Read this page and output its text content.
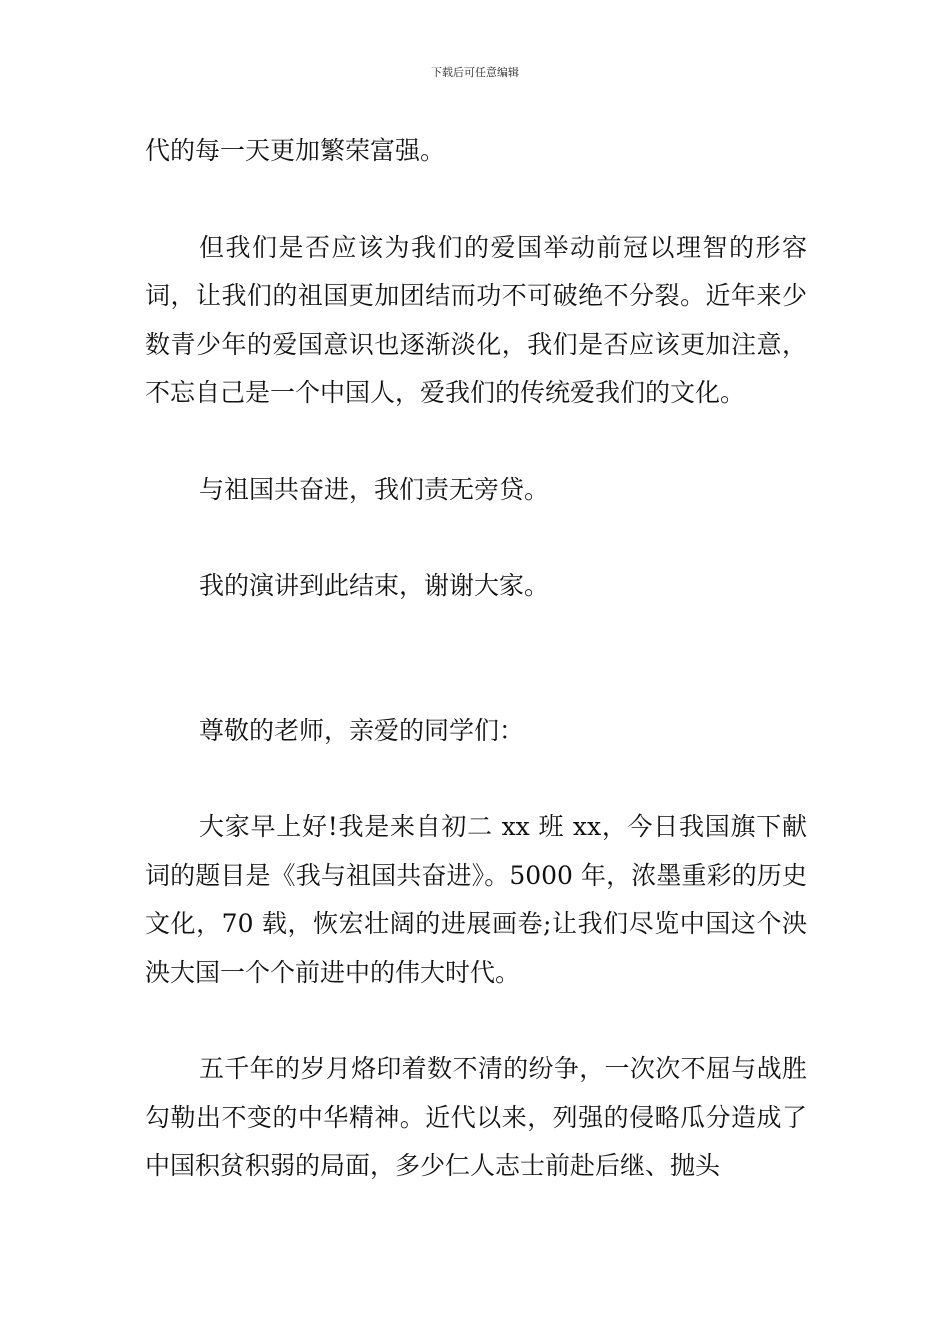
下载后可任意编辑

代的每一天更加繁荣富强。

但我们是否应该为我们的爱国举动前冠以理智的形容词，让我们的祖国更加团结而功不可破绝不分裂。近年来少数青少年的爱国意识也逐渐淡化，我们是否应该更加注意，不忘自己是一个中国人，爱我们的传统爱我们的文化。

与祖国共奋进，我们责无旁贷。

我的演讲到此结束，谢谢大家。

尊敬的老师，亲爱的同学们：

大家早上好!我是来自初二 xx 班 xx，今日我国旗下献词的题目是《我与祖国共奋进》。5000 年，浓墨重彩的历史文化，70 载，恢宏壮阔的进展画卷;让我们尽览中国这个泱泱大国一个个前进中的伟大时代。

五千年的岁月烙印着数不清的纷争，一次次不屈与战胜勾勒出不变的中华精神。近代以来，列强的侵略瓜分造成了中国积贫积弱的局面，多少仁人志士前赴后继、抛头
